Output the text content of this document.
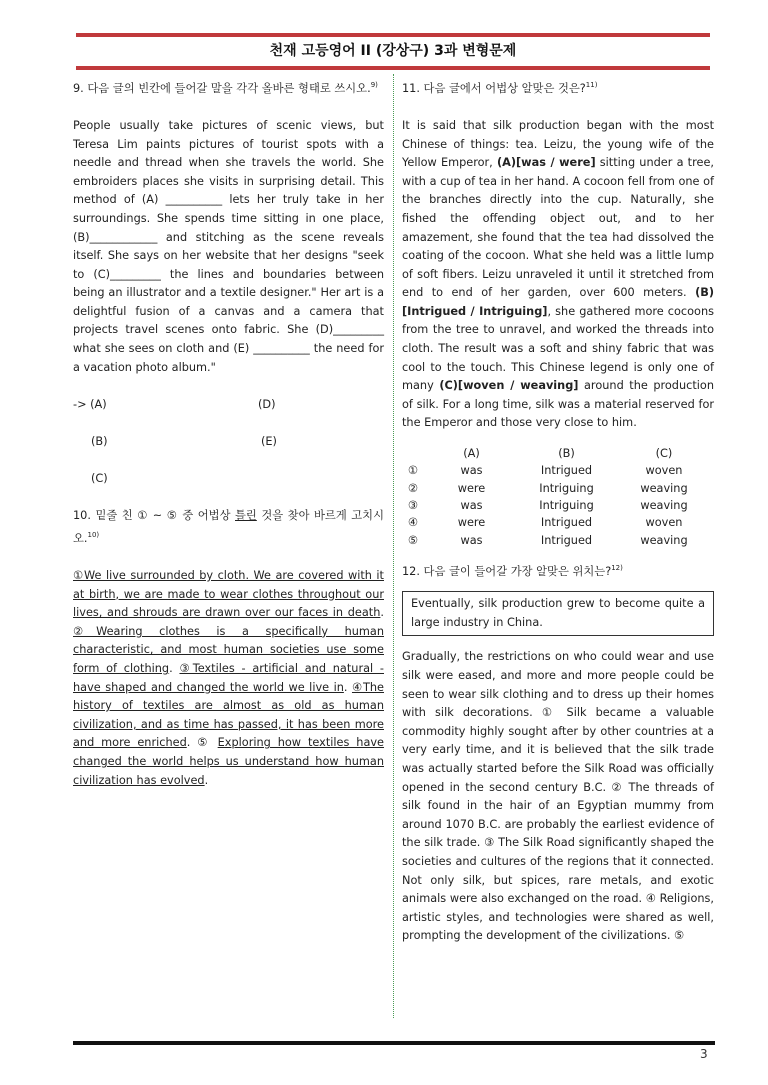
천재 고등영어 II (강상구) 3과 변형문제

9. 다음 글의 빈칸에 들어갈 말을 각각 올바른 형태로 쓰시오.$^{9)}$

People usually take pictures of scenic views, but Teresa Lim paints pictures of tourist spots with a needle and thread when she travels the world. She embroiders places she visits in surprising detail. This method of (A) __________ lets her truly take in her surroundings. She spends time sitting in one place, (B)____________ and stitching as the scene reveals itself. She says on her website that her designs "seek to (C)_________ the lines and boundaries between being an illustrator and a textile designer." Her art is a delightful fusion of a canvas and a camera that projects travel scenes onto fabric. She (D)_________ what she sees on cloth and (E) __________ the need for a vacation photo album."

-> (A)	(D)
(B)	(E)
(C)

10. 밑줄 친 ① ~ ⑤ 중 어법상 틀린 것을 찾아 바르게 고치시오.$^{10)}$

①We live surrounded by cloth. We are covered with it at birth, we are made to wear clothes throughout our lives, and shrouds are drawn over our faces in death. ②Wearing clothes is a specifically human characteristic, and most human societies use some form of clothing. ③Textiles - artificial and natural - have shaped and changed the world we live in. ④The history of textiles are almost as old as human civilization, and as time has passed, it has been more and more enriched. ⑤ Exploring how textiles have changed the world helps us understand how human civilization has evolved.

11. 다음 글에서 어법상 알맞은 것은?$^{11)}$

It is said that silk production began with the most Chinese of things: tea. Leizu, the young wife of the Yellow Emperor, (A)[was / were] sitting under a tree, with a cup of tea in her hand. A cocoon fell from one of the branches directly into the cup. Naturally, she fished the offending object out, and to her amazement, she found that the tea had dissolved the coating of the cocoon. What she held was a little lump of soft fibers. Leizu unraveled it until it stretched from end to end of her garden, over 600 meters. (B)[Intrigued / Intriguing], she gathered more cocoons from the tree to unravel, and worked the threads into cloth. The result was a soft and shiny fabric that was cool to the touch. This Chinese legend is only one of many (C)[woven / weaving] around the production of silk. For a long time, silk was a material reserved for the Emperor and those very close to him.

	(A)	(B)	(C)
①	was	Intrigued	woven
②	were	Intriguing	weaving
③	was	Intriguing	weaving
④	were	Intrigued	woven
⑤	was	Intrigued	weaving

12. 다음 글이 들어갈 가장 알맞은 위치는?$^{12)}$

Eventually, silk production grew to become quite a large industry in China.

Gradually, the restrictions on who could wear and use silk were eased, and more and more people could be seen to wear silk clothing and to dress up their homes with silk decorations. ① Silk became a valuable commodity highly sought after by other countries at a very early time, and it is believed that the silk trade was actually started before the Silk Road was officially opened in the second century B.C. ② The threads of silk found in the hair of an Egyptian mummy from around 1070 B.C. are probably the earliest evidence of the silk trade. ③ The Silk Road significantly shaped the societies and cultures of the regions that it connected. Not only silk, but spices, rare metals, and exotic animals were also exchanged on the road. ④ Religions, artistic styles, and technologies were shared as well, prompting the development of the civilizations. ⑤

3
